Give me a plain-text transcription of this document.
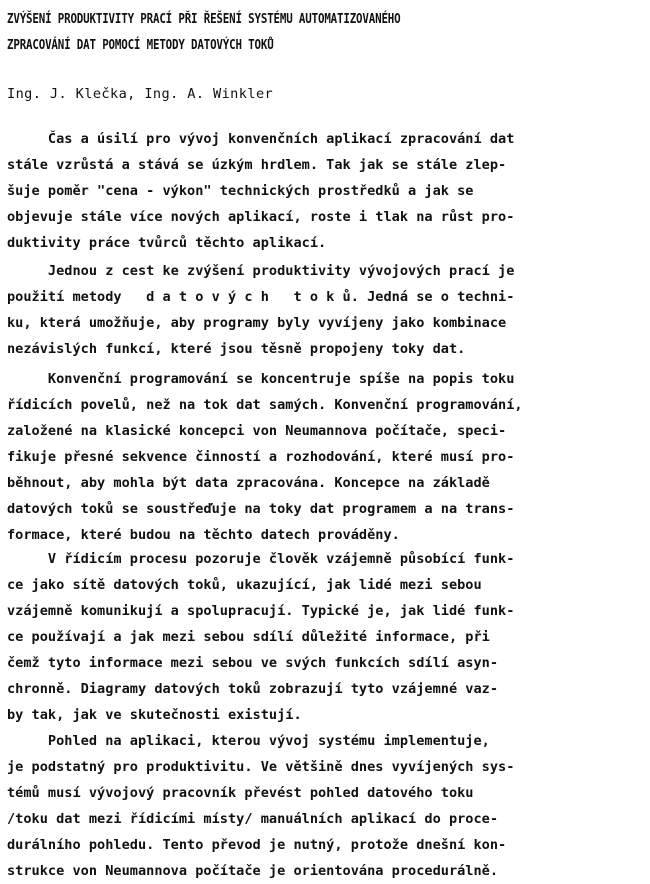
ZVÝŠENÍ PRODUKTIVITY PRACÍ PŘI ŘEŠENÍ SYSTÉMU AUTOMATIZOVANÉHO
ZPRACOVÁNÍ DAT POMOCÍ METODY DATOVÝCH TOKŮ
Ing. J. Klečka, Ing. A. Winkler
Čas a úsilí pro vývoj konvenčních aplikací zpracování dat
stále vzrůstá a stává se úzkým hrdlem. Tak jak se stále zlep-
šuje poměr "cena - výkon" technických prostředků a jak se
objevuje stále více nových aplikací, roste i tlak na růst pro-
duktivity práce tvůrců těchto aplikací.
Jednou z cest ke zvýšení produktivity vývojových prací je
použití metody   d a t o v ý c h   t o k ů. Jedná se o techni-
ku, která umožňuje, aby programy byly vyvíjeny jako kombinace
nezávislých funkcí, které jsou těsně propojeny toky dat.
Konvenční programování se koncentruje spíše na popis toku
řídicích povelů, než na tok dat samých. Konvenční programování,
založené na klasické koncepci von Neumannova počítače, speci-
fikuje přesné sekvence činností a rozhodování, které musí pro-
běhnout, aby mohla být data zpracována. Koncepce na základě
datových toků se soustřeďuje na toky dat programem a na trans-
formace, které budou na těchto datech prováděny.
V řídicím procesu pozoruje člověk vzájemně působící funk-
ce jako sítě datových toků, ukazující, jak lidé mezi sebou
vzájemně komunikují a spolupracují. Typické je, jak lidé funk-
ce používají a jak mezi sebou sdílí důležité informace, při
čemž tyto informace mezi sebou ve svých funkcích sdílí asyn-
chronně. Diagramy datových toků zobrazují tyto vzájemné vaz-
by tak, jak ve skutečnosti existují.
Pohled na aplikaci, kterou vývoj systému implementuje,
je podstatný pro produktivitu. Ve většině dnes vyvíjených sys-
témů musí vývojový pracovník převést pohled datového toku
/toku dat mezi řídicími místy/ manuálních aplikací do proce-
durálního pohledu. Tento převod je nutný, protože dnešní kon-
strukce von Neumannova počítače je orientována procedurálně.
